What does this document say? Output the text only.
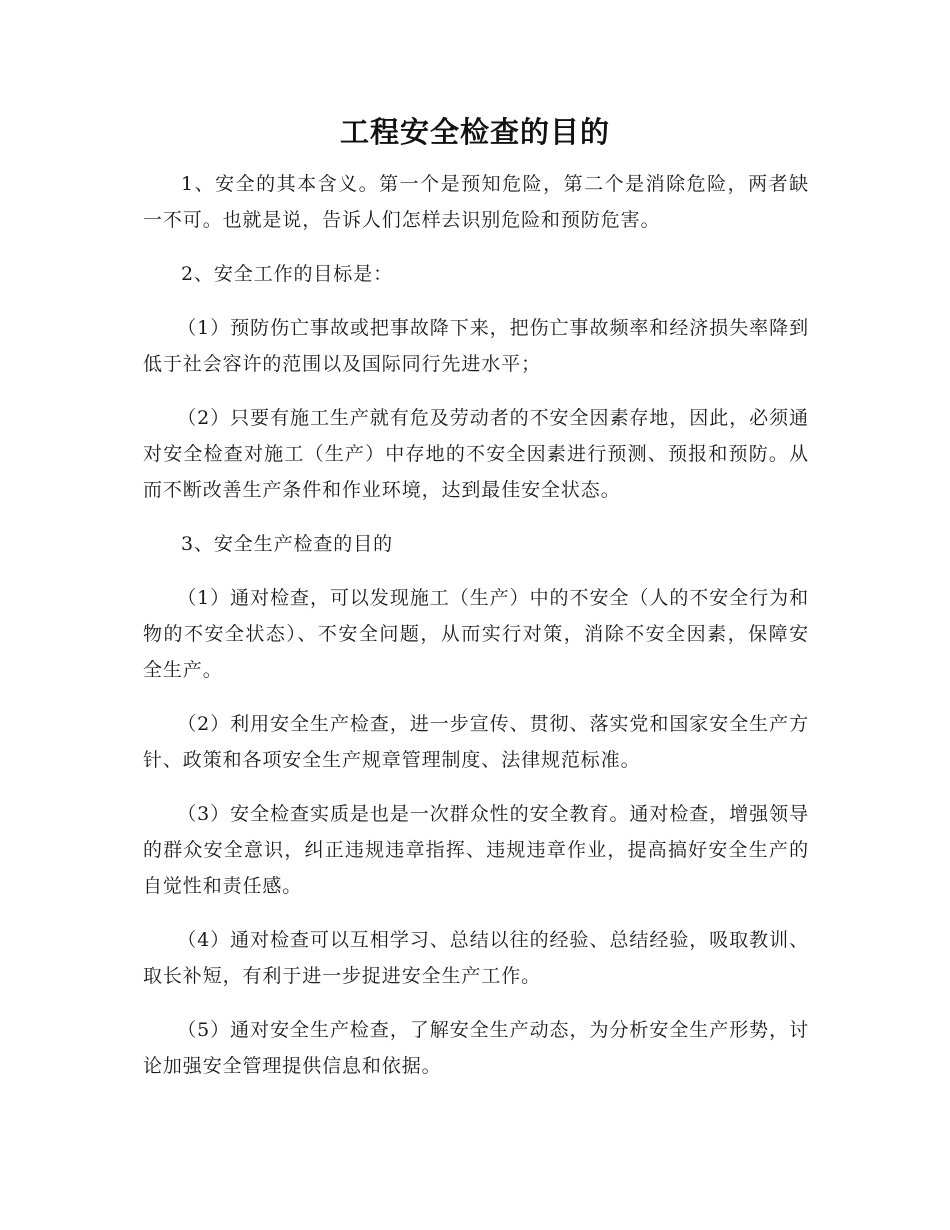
工程安全检查的目的

1、安全的其本含义。第一个是预知危险，第二个是消除危险，两者缺一不可。也就是说，告诉人们怎样去识别危险和预防危害。

2、安全工作的目标是：

（1）预防伤亡事故或把事故降下来，把伤亡事故频率和经济损失率降到低于社会容许的范围以及国际同行先进水平；

（2）只要有施工生产就有危及劳动者的不安全因素存地，因此，必须通对安全检查对施工（生产）中存地的不安全因素进行预测、预报和预防。从而不断改善生产条件和作业环境，达到最佳安全状态。

3、安全生产检查的目的

（1）通对检查，可以发现施工（生产）中的不安全（人的不安全行为和物的不安全状态）、不安全问题，从而实行对策，消除不安全因素，保障安全生产。

（2）利用安全生产检查，进一步宣传、贯彻、落实党和国家安全生产方针、政策和各项安全生产规章管理制度、法律规范标准。

（3）安全检查实质是也是一次群众性的安全教育。通对检查，增强领导的群众安全意识，纠正违规违章指挥、违规违章作业，提高搞好安全生产的自觉性和责任感。

（4）通对检查可以互相学习、总结以往的经验、总结经验，吸取教训、取长补短，有利于进一步捉进安全生产工作。

（5）通对安全生产检查，了解安全生产动态，为分析安全生产形势，讨论加强安全管理提供信息和依据。
